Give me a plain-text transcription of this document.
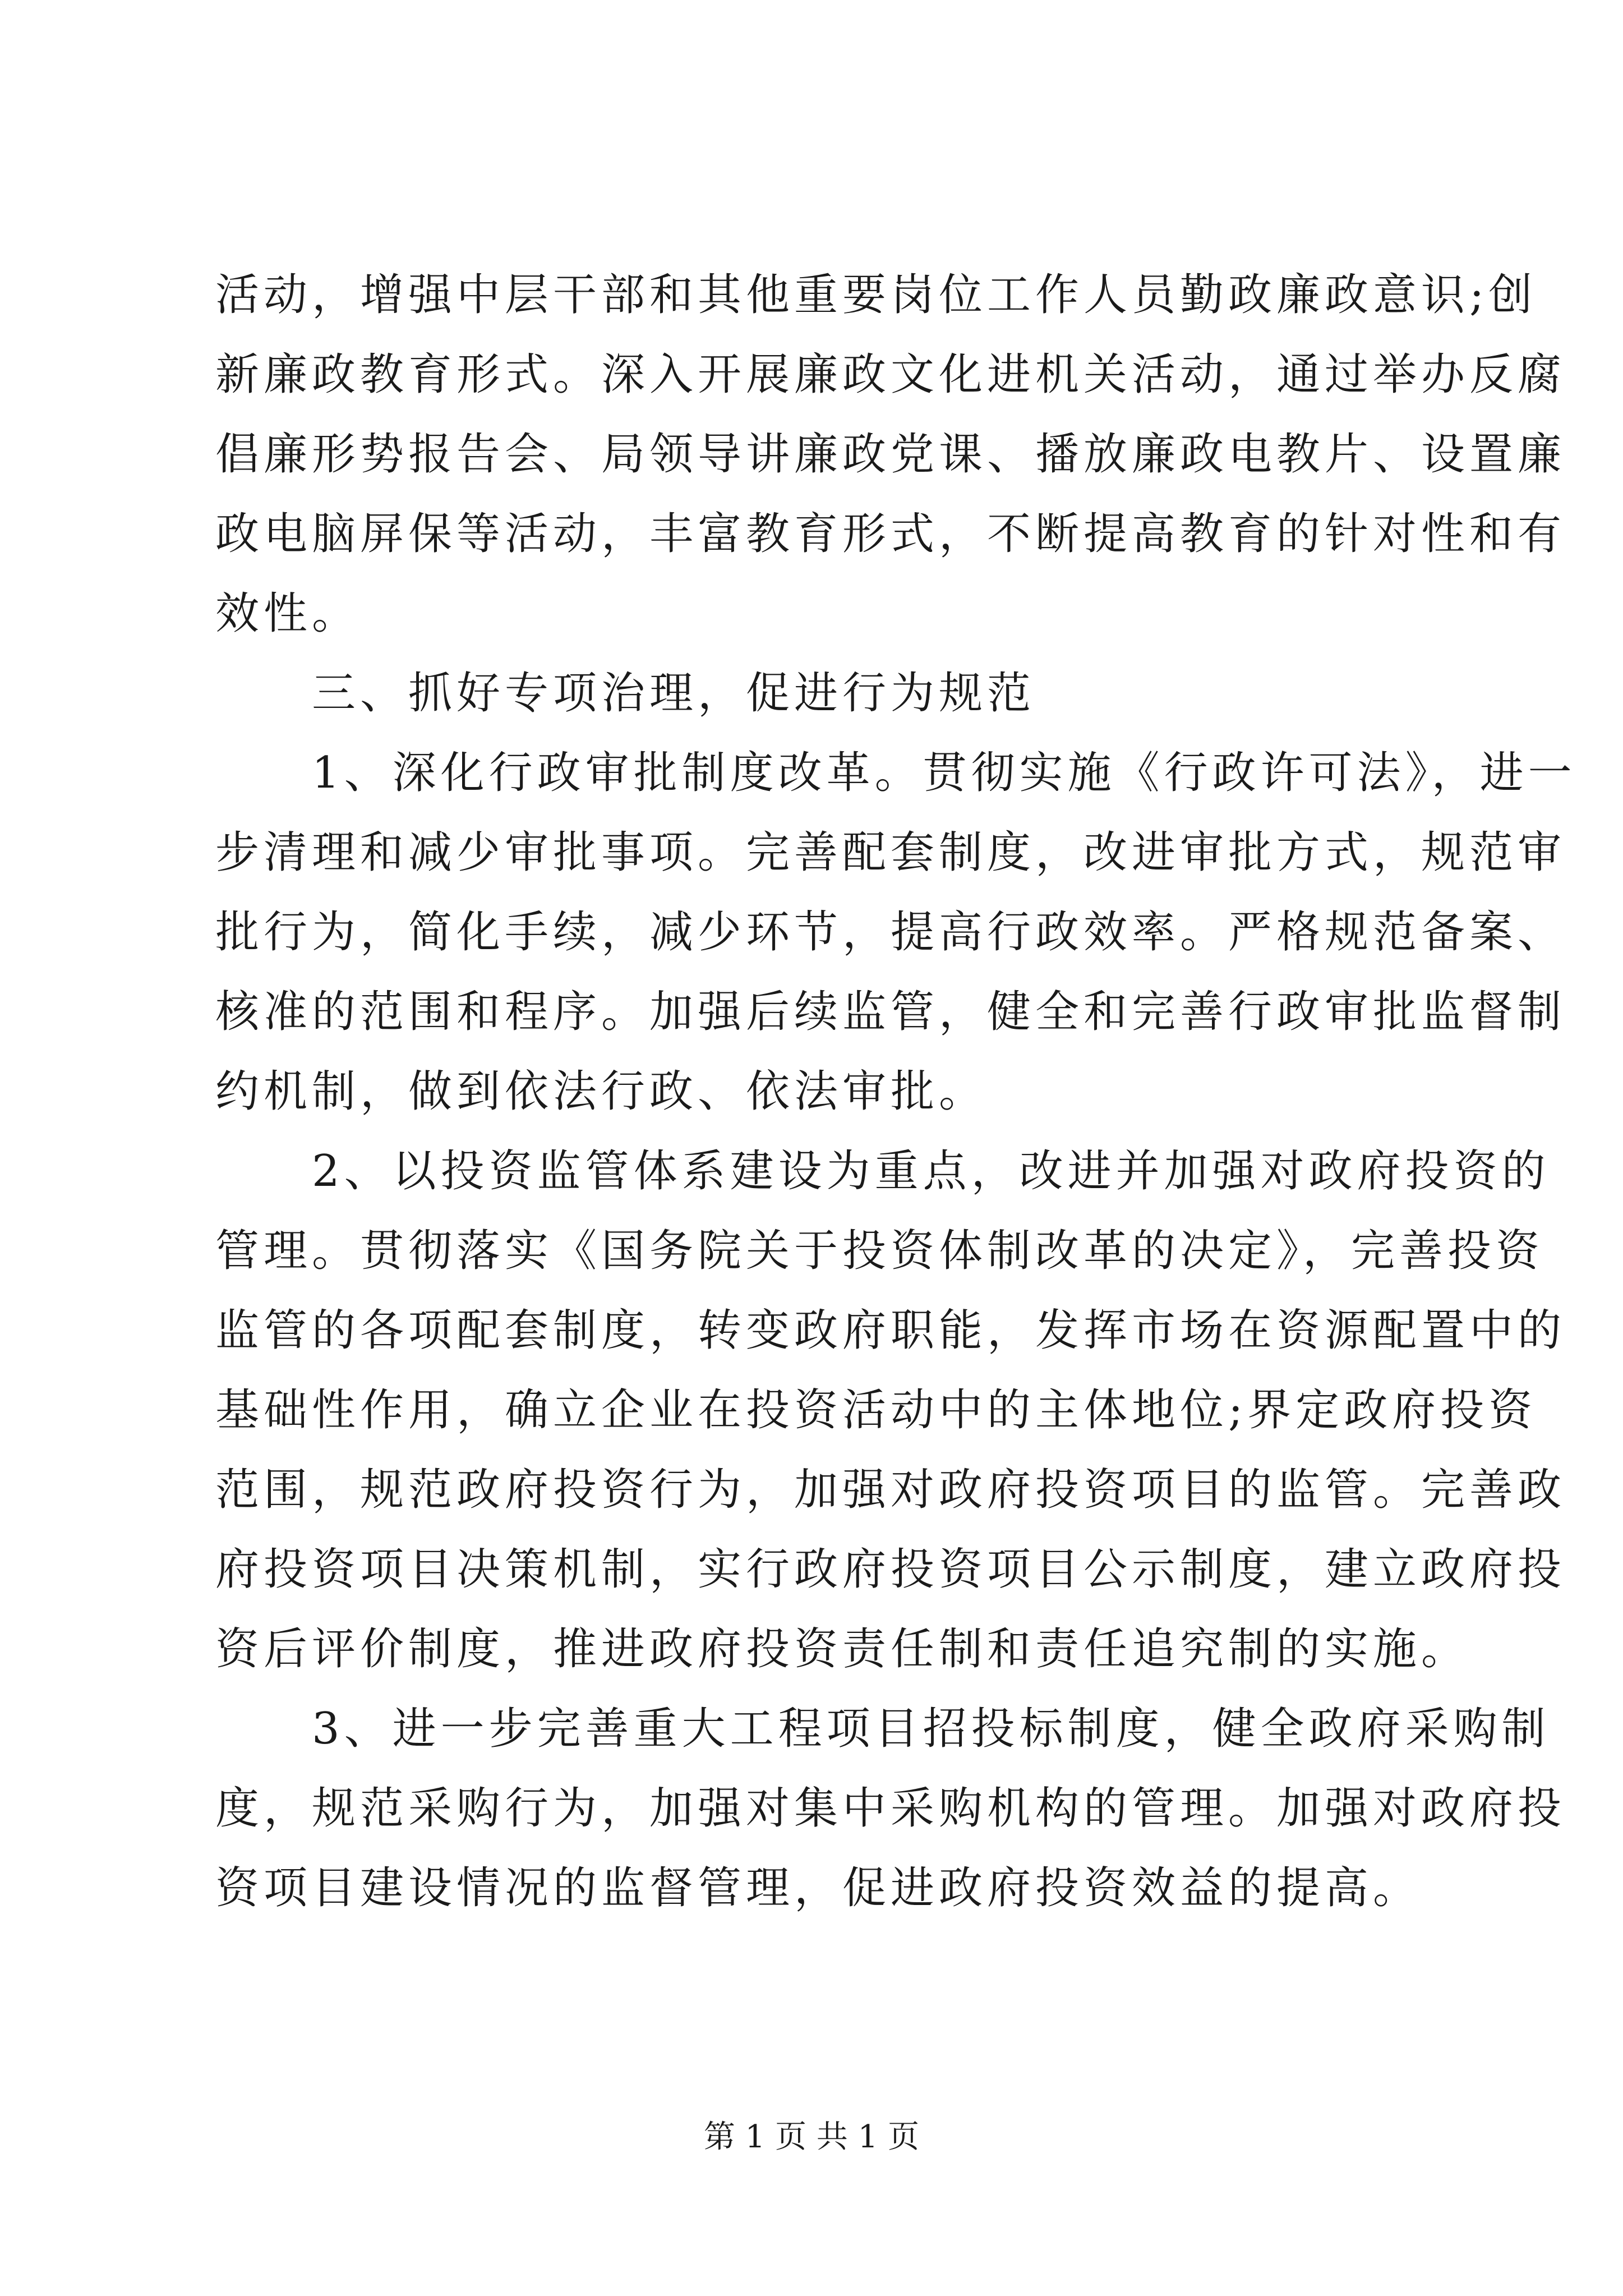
活动，增强中层干部和其他重要岗位工作人员勤政廉政意识;创
新廉政教育形式。深入开展廉政文化进机关活动，通过举办反腐
倡廉形势报告会、局领导讲廉政党课、播放廉政电教片、设置廉
政电脑屏保等活动，丰富教育形式，不断提高教育的针对性和有
效性。
　　三、抓好专项治理，促进行为规范
　　1、深化行政审批制度改革。贯彻实施《行政许可法》，进一
步清理和减少审批事项。完善配套制度，改进审批方式，规范审
批行为，简化手续，减少环节，提高行政效率。严格规范备案、
核准的范围和程序。加强后续监管，健全和完善行政审批监督制
约机制，做到依法行政、依法审批。
　　2、以投资监管体系建设为重点，改进并加强对政府投资的
管理。贯彻落实《国务院关于投资体制改革的决定》，完善投资
监管的各项配套制度，转变政府职能，发挥市场在资源配置中的
基础性作用，确立企业在投资活动中的主体地位;界定政府投资
范围，规范政府投资行为，加强对政府投资项目的监管。完善政
府投资项目决策机制，实行政府投资项目公示制度，建立政府投
资后评价制度，推进政府投资责任制和责任追究制的实施。
　　3、进一步完善重大工程项目招投标制度，健全政府采购制
度，规范采购行为，加强对集中采购机构的管理。加强对政府投
资项目建设情况的监督管理，促进政府投资效益的提高。
第 1 页 共 1 页
